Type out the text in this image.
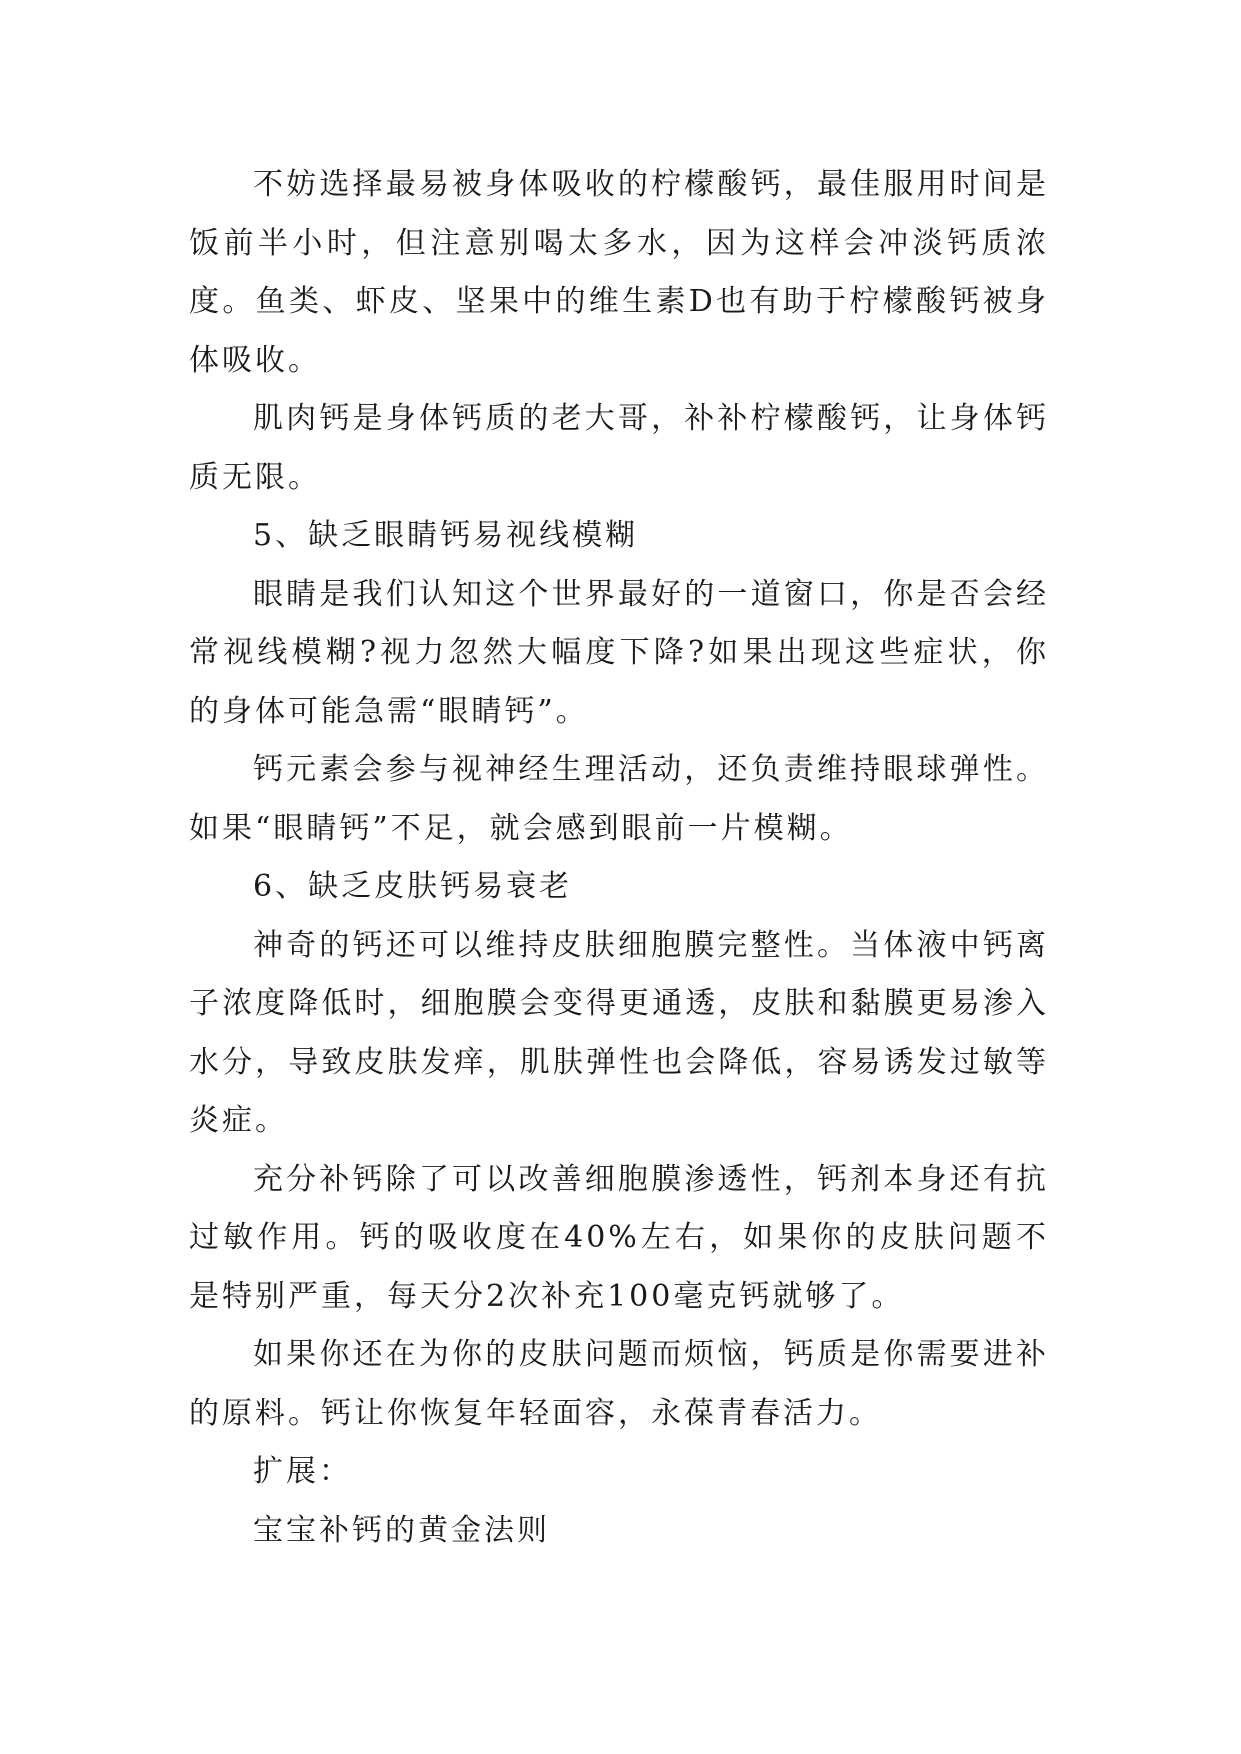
不妨选择最易被身体吸收的柠檬酸钙，最佳服用时间是饭前半小时，但注意别喝太多水，因为这样会冲淡钙质浓度。鱼类、虾皮、坚果中的维生素D也有助于柠檬酸钙被身体吸收。

肌肉钙是身体钙质的老大哥，补补柠檬酸钙，让身体钙质无限。

5、缺乏眼睛钙易视线模糊

眼睛是我们认知这个世界最好的一道窗口，你是否会经常视线模糊?视力忽然大幅度下降?如果出现这些症状，你的身体可能急需“眼睛钙”。

钙元素会参与视神经生理活动，还负责维持眼球弹性。如果“眼睛钙”不足，就会感到眼前一片模糊。

6、缺乏皮肤钙易衰老

神奇的钙还可以维持皮肤细胞膜完整性。当体液中钙离子浓度降低时，细胞膜会变得更通透，皮肤和黏膜更易渗入水分，导致皮肤发痒，肌肤弹性也会降低，容易诱发过敏等炎症。

充分补钙除了可以改善细胞膜渗透性，钙剂本身还有抗过敏作用。钙的吸收度在40%左右，如果你的皮肤问题不是特别严重，每天分2次补充100毫克钙就够了。

如果你还在为你的皮肤问题而烦恼，钙质是你需要进补的原料。钙让你恢复年轻面容，永葆青春活力。

扩展：

宝宝补钙的黄金法则
